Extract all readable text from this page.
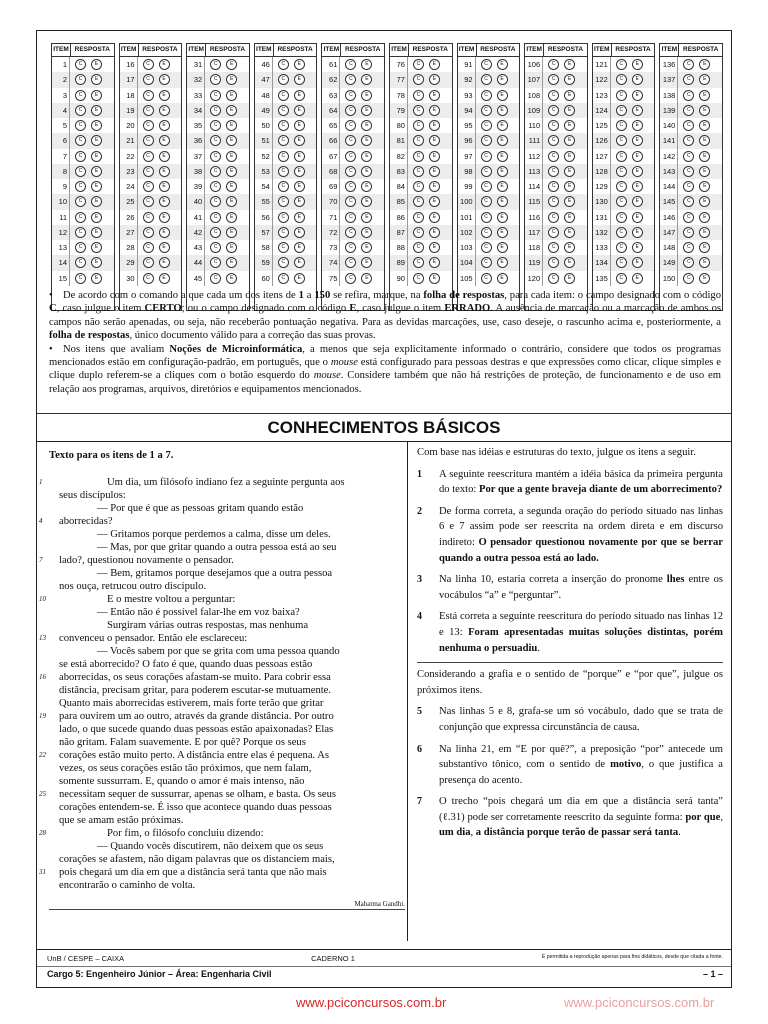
ITEM RESPOSTA
1	C	E
2	C	E
3	C	E
4	C	E
5	C	E
6	C	E
7	C	E
8	C	E
9	C	E
10	C	E
11	C	E
12	C	E
13	C	E
14	C	E
15	C	E
ITEM RESPOSTA
16	C	E
17	C	E
18	C	E
19	C	E
20	C	E
21	C	E
22	C	E
23	C	E
24	C	E
25	C	E
26	C	E
27	C	E
28	C	E
29	C	E
30	C	E
ITEM RESPOSTA
31	C	E
32	C	E
33	C	E
34	C	E
35	C	E
36	C	E
37	C	E
38	C	E
39	C	E
40	C	E
41	C	E
42	C	E
43	C	E
44	C	E
45	C	E
ITEM RESPOSTA
46	C	E
47	C	E
48	C	E
49	C	E
50	C	E
51	C	E
52	C	E
53	C	E
54	C	E
55	C	E
56	C	E
57	C	E
58	C	E
59	C	E
60	C	E
ITEM RESPOSTA
61	C	E
62	C	E
63	C	E
64	C	E
65	C	E
66	C	E
67	C	E
68	C	E
69	C	E
70	C	E
71	C	E
72	C	E
73	C	E
74	C	E
75	C	E
ITEM RESPOSTA
76	C	E
77	C	E
78	C	E
79	C	E
80	C	E
81	C	E
82	C	E
83	C	E
84	C	E
85	C	E
86	C	E
87	C	E
88	C	E
89	C	E
90	C	E
ITEM RESPOSTA
91	C	E
92	C	E
93	C	E
94	C	E
95	C	E
96	C	E
97	C	E
98	C	E
99	C	E
100	C	E
101	C	E
102	C	E
103	C	E
104	C	E
105	C	E
ITEM RESPOSTA
106	C	E
107	C	E
108	C	E
109	C	E
110	C	E
111	C	E
112	C	E
113	C	E
114	C	E
115	C	E
116	C	E
117	C	E
118	C	E
119	C	E
120	C	E
ITEM RESPOSTA
121	C	E
122	C	E
123	C	E
124	C	E
125	C	E
126	C	E
127	C	E
128	C	E
129	C	E
130	C	E
131	C	E
132	C	E
133	C	E
134	C	E
135	C	E
ITEM RESPOSTA
136	C	E
137	C	E
138	C	E
139	C	E
140	C	E
141	C	E
142	C	E
143	C	E
144	C	E
145	C	E
146	C	E
147	C	E
148	C	E
149	C	E
150	C	E

• De acordo com o comando a que cada um dos itens de 1 a 150 se refira, marque, na folha de respostas, para cada item: o campo designado com o código C, caso julgue o item CERTO; ou o campo designado com o código E, caso julgue o item ERRADO. A ausência de marcação ou a marcação de ambos os campos não serão apenadas, ou seja, não receberão pontuação negativa. Para as devidas marcações, use, caso deseje, o rascunho acima e, posteriormente, a folha de respostas, único documento válido para a correção das suas provas.

• Nos itens que avaliam Noções de Microinformática, a menos que seja explicitamente informado o contrário, considere que todos os programas mencionados estão em configuração-padrão, em português, que o mouse está configurado para pessoas destras e que expressões como clicar, clique simples e clique duplo referem-se a cliques com o botão esquerdo do mouse. Considere também que não há restrições de proteção, de funcionamento e de uso em relação aos programas, arquivos, diretórios e equipamentos mencionados.

CONHECIMENTOS BÁSICOS

Texto para os itens de 1 a 7.

1	Um dia, um filósofo indiano fez a seguinte pergunta aos
seus discípulos:
— Por que é que as pessoas gritam quando estão
4 aborrecidas?
— Gritamos porque perdemos a calma, disse um deles.
— Mas, por que gritar quando a outra pessoa está ao seu
7 lado?, questionou novamente o pensador.
— Bem, gritamos porque desejamos que a outra pessoa
nos ouça, retrucou outro discípulo.
10	E o mestre voltou a perguntar:
— Então não é possível falar-lhe em voz baixa?
Surgiram várias outras respostas, mas nenhuma
13 convenceu o pensador. Então ele esclareceu:
— Vocês sabem por que se grita com uma pessoa quando
se está aborrecido? O fato é que, quando duas pessoas estão
16 aborrecidas, os seus corações afastam-se muito. Para cobrir essa
distância, precisam gritar, para poderem escutar-se mutuamente.
Quanto mais aborrecidas estiverem, mais forte terão que gritar
19 para ouvirem um ao outro, através da grande distância. Por outro
lado, o que sucede quando duas pessoas estão apaixonadas? Elas
não gritam. Falam suavemente. E por quê? Porque os seus
22 corações estão muito perto. A distância entre elas é pequena. As
vezes, os seus corações estão tão próximos, que nem falam,
somente sussurram. E, quando o amor é mais intenso, não
25 necessitam sequer de sussurrar, apenas se olham, e basta. Os seus
corações entendem-se. É isso que acontece quando duas pessoas
que se amam estão próximas.
28	Por fim, o filósofo concluiu dizendo:
— Quando vocês discutirem, não deixem que os seus
corações se afastem, não digam palavras que os distanciem mais,
31 pois chegará um dia em que a distância será tanta que não mais
encontrarão o caminho de volta.
Mahatma Gandhi.
Com base nas idéias e estruturas do texto, julgue os itens a seguir.
1	A seguinte reescritura mantém a idéia básica da primeira pergunta do texto: Por que a gente braveja diante de um aborrecimento?
2	De forma correta, a segunda oração do período situado nas linhas 6 e 7 assim pode ser reescrita na ordem direta e em discurso indireto: O pensador questionou novamente por que se berrar quando a outra pessoa está ao lado.
3	Na linha 10, estaria correta a inserção do pronome lhes entre os vocábulos “a” e “perguntar”.
4	Está correta a seguinte reescritura do período situado nas linhas 12 e 13: Foram apresentadas muitas soluções distintas, porém nenhuma o persuadiu.
Considerando a grafia e o sentido de “porque” e “por que”, julgue os próximos itens.
5	Nas linhas 5 e 8, grafa-se um só vocábulo, dado que se trata de conjunção que expressa circunstância de causa.
6	Na linha 21, em “E por quê?”, a preposição “por” antecede um substantivo tônico, com o sentido de motivo, o que justifica a presença do acento.
7	O trecho “pois chegará um dia em que a distância será tanta” (ℓ.31) pode ser corretamente reescrito da seguinte forma: por que, um dia, a distância porque terão de passar será tanta.
UnB / CESPE – CAIXA	CADERNO 1	É permitida a reprodução apenas para fins didáticos, desde que citada a fonte.
Cargo 5: Engenheiro Júnior – Área: Engenharia Civil	– 1 –
www.pciconcursos.com.br	www.pciconcursos.com.br
